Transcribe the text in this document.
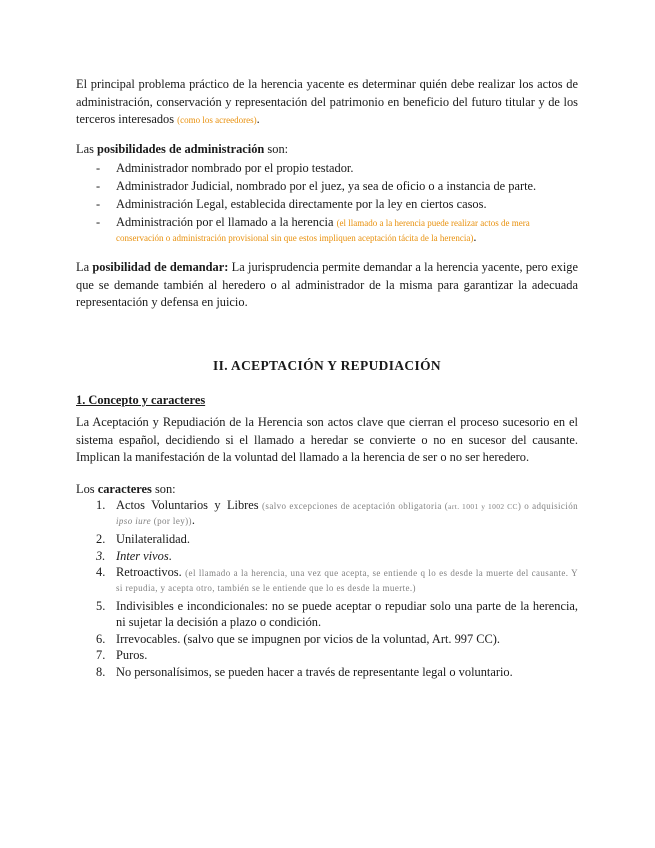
El principal problema práctico de la herencia yacente es determinar quién debe realizar los actos de administración, conservación y representación del patrimonio en beneficio del futuro titular y de los terceros interesados (como los acreedores).

Las posibilidades de administración son:

- Administrador nombrado por el propio testador.
- Administrador Judicial, nombrado por el juez, ya sea de oficio o a instancia de parte.
- Administración Legal, establecida directamente por la ley en ciertos casos.
- Administración por el llamado a la herencia (el llamado a la herencia puede realizar actos de mera conservación o administración provisional sin que estos impliquen aceptación tácita de la herencia).

La posibilidad de demandar: La jurisprudencia permite demandar a la herencia yacente, pero exige que se demande también al heredero o al administrador de la misma para garantizar la adecuada representación y defensa en juicio.

II. ACEPTACIÓN Y REPUDIACIÓN
1. Concepto y caracteres

La Aceptación y Repudiación de la Herencia son actos clave que cierran el proceso sucesorio en el sistema español, decidiendo si el llamado a heredar se convierte o no en sucesor del causante. Implican la manifestación de la voluntad del llamado a la herencia de ser o no ser heredero.

Los caracteres son:

1. Actos Voluntarios y Libres (salvo excepciones de aceptación obligatoria (art. 1001 y 1002 CC) o adquisición ipso iure (por ley)).
2. Unilateralidad.
3. Inter vivos.
4. Retroactivos. (el llamado a la herencia, una vez que acepta, se entiende q lo es desde la muerte del causante. Y si repudia, y acepta otro, también se le entiende que lo es desde la muerte.)
5. Indivisibles e incondicionales: no se puede aceptar o repudiar solo una parte de la herencia, ni sujetar la decisión a plazo o condición.
6. Irrevocables. (salvo que se impugnen por vicios de la voluntad, Art. 997 CC).
7. Puros.
8. No personalísimos, se pueden hacer a través de representante legal o voluntario.
